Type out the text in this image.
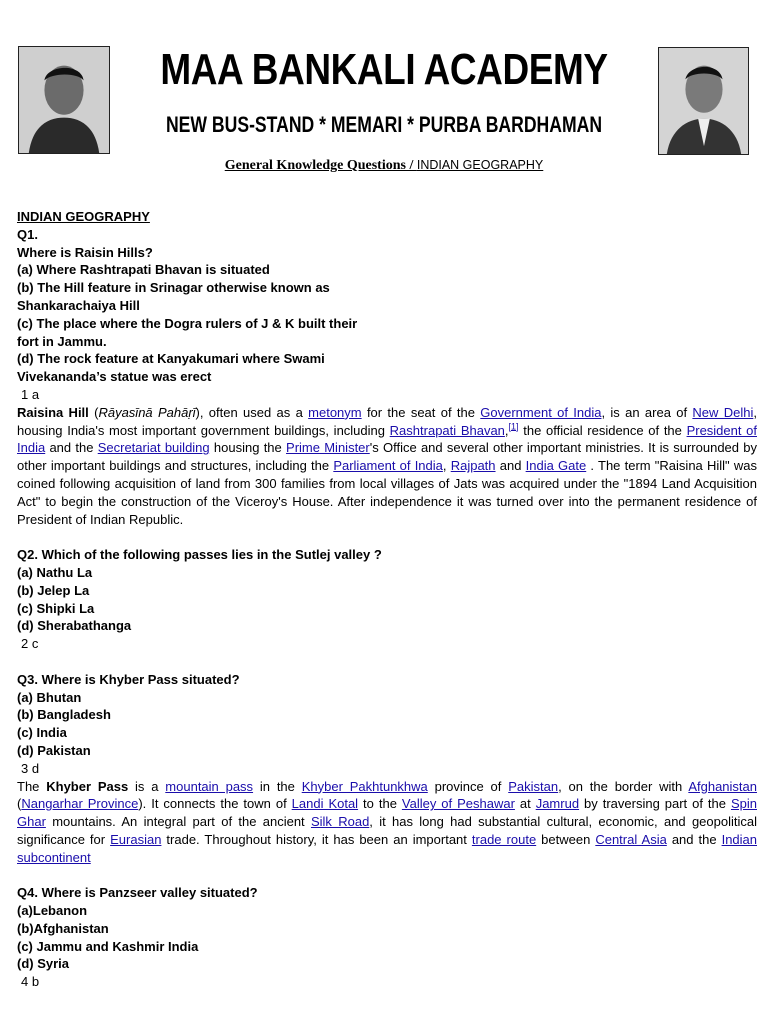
MAA BANKALI ACADEMY
NEW BUS-STAND * MEMARI * PURBA BARDHAMAN
General Knowledge Questions / INDIAN GEOGRAPHY

INDIAN GEOGRAPHY

Q1.

Where is Raisin Hills?

(a) Where Rashtrapati Bhavan is situated

(b) The Hill feature in Srinagar otherwise known as

Shankarachaiya Hill

(c) The place where the Dogra rulers of J & K built their

fort in Jammu.

(d) The rock feature at Kanyakumari where Swami

Vivekananda’s statue was erect

1 a

Raisina Hill (Rāyasīnā Pahāṛī), often used as a metonym for the seat of the Government of India, is an area of New Delhi, housing India's most important government buildings, including Rashtrapati Bhavan,[1] the official residence of the President of India and the Secretariat building housing the Prime Minister's Office and several other important ministries. It is surrounded by other important buildings and structures, including the Parliament of India, Rajpath and India Gate . The term "Raisina Hill" was coined following acquisition of land from 300 families from local villages of Jats was acquired under the "1894 Land Acquisition Act" to begin the construction of the Viceroy's House. After independence it was turned over into the permanent residence of President of Indian Republic.

Q2. Which of the following passes lies in the Sutlej valley ?

(a) Nathu La

(b) Jelep La

(c) Shipki La

(d) Sherabathanga

2 c

Q3. Where is Khyber Pass situated?

(a) Bhutan

(b) Bangladesh

(c) India

(d) Pakistan

3 d

The Khyber Pass is a mountain pass in the Khyber Pakhtunkhwa province of Pakistan, on the border with Afghanistan (Nangarhar Province). It connects the town of Landi Kotal to the Valley of Peshawar at Jamrud by traversing part of the Spin Ghar mountains. An integral part of the ancient Silk Road, it has long had substantial cultural, economic, and geopolitical significance for Eurasian trade. Throughout history, it has been an important trade route between Central Asia and the Indian subcontinent

Q4. Where is Panzseer valley situated?

(a)Lebanon

(b)Afghanistan

(c) Jammu and Kashmir India

(d) Syria

4 b
